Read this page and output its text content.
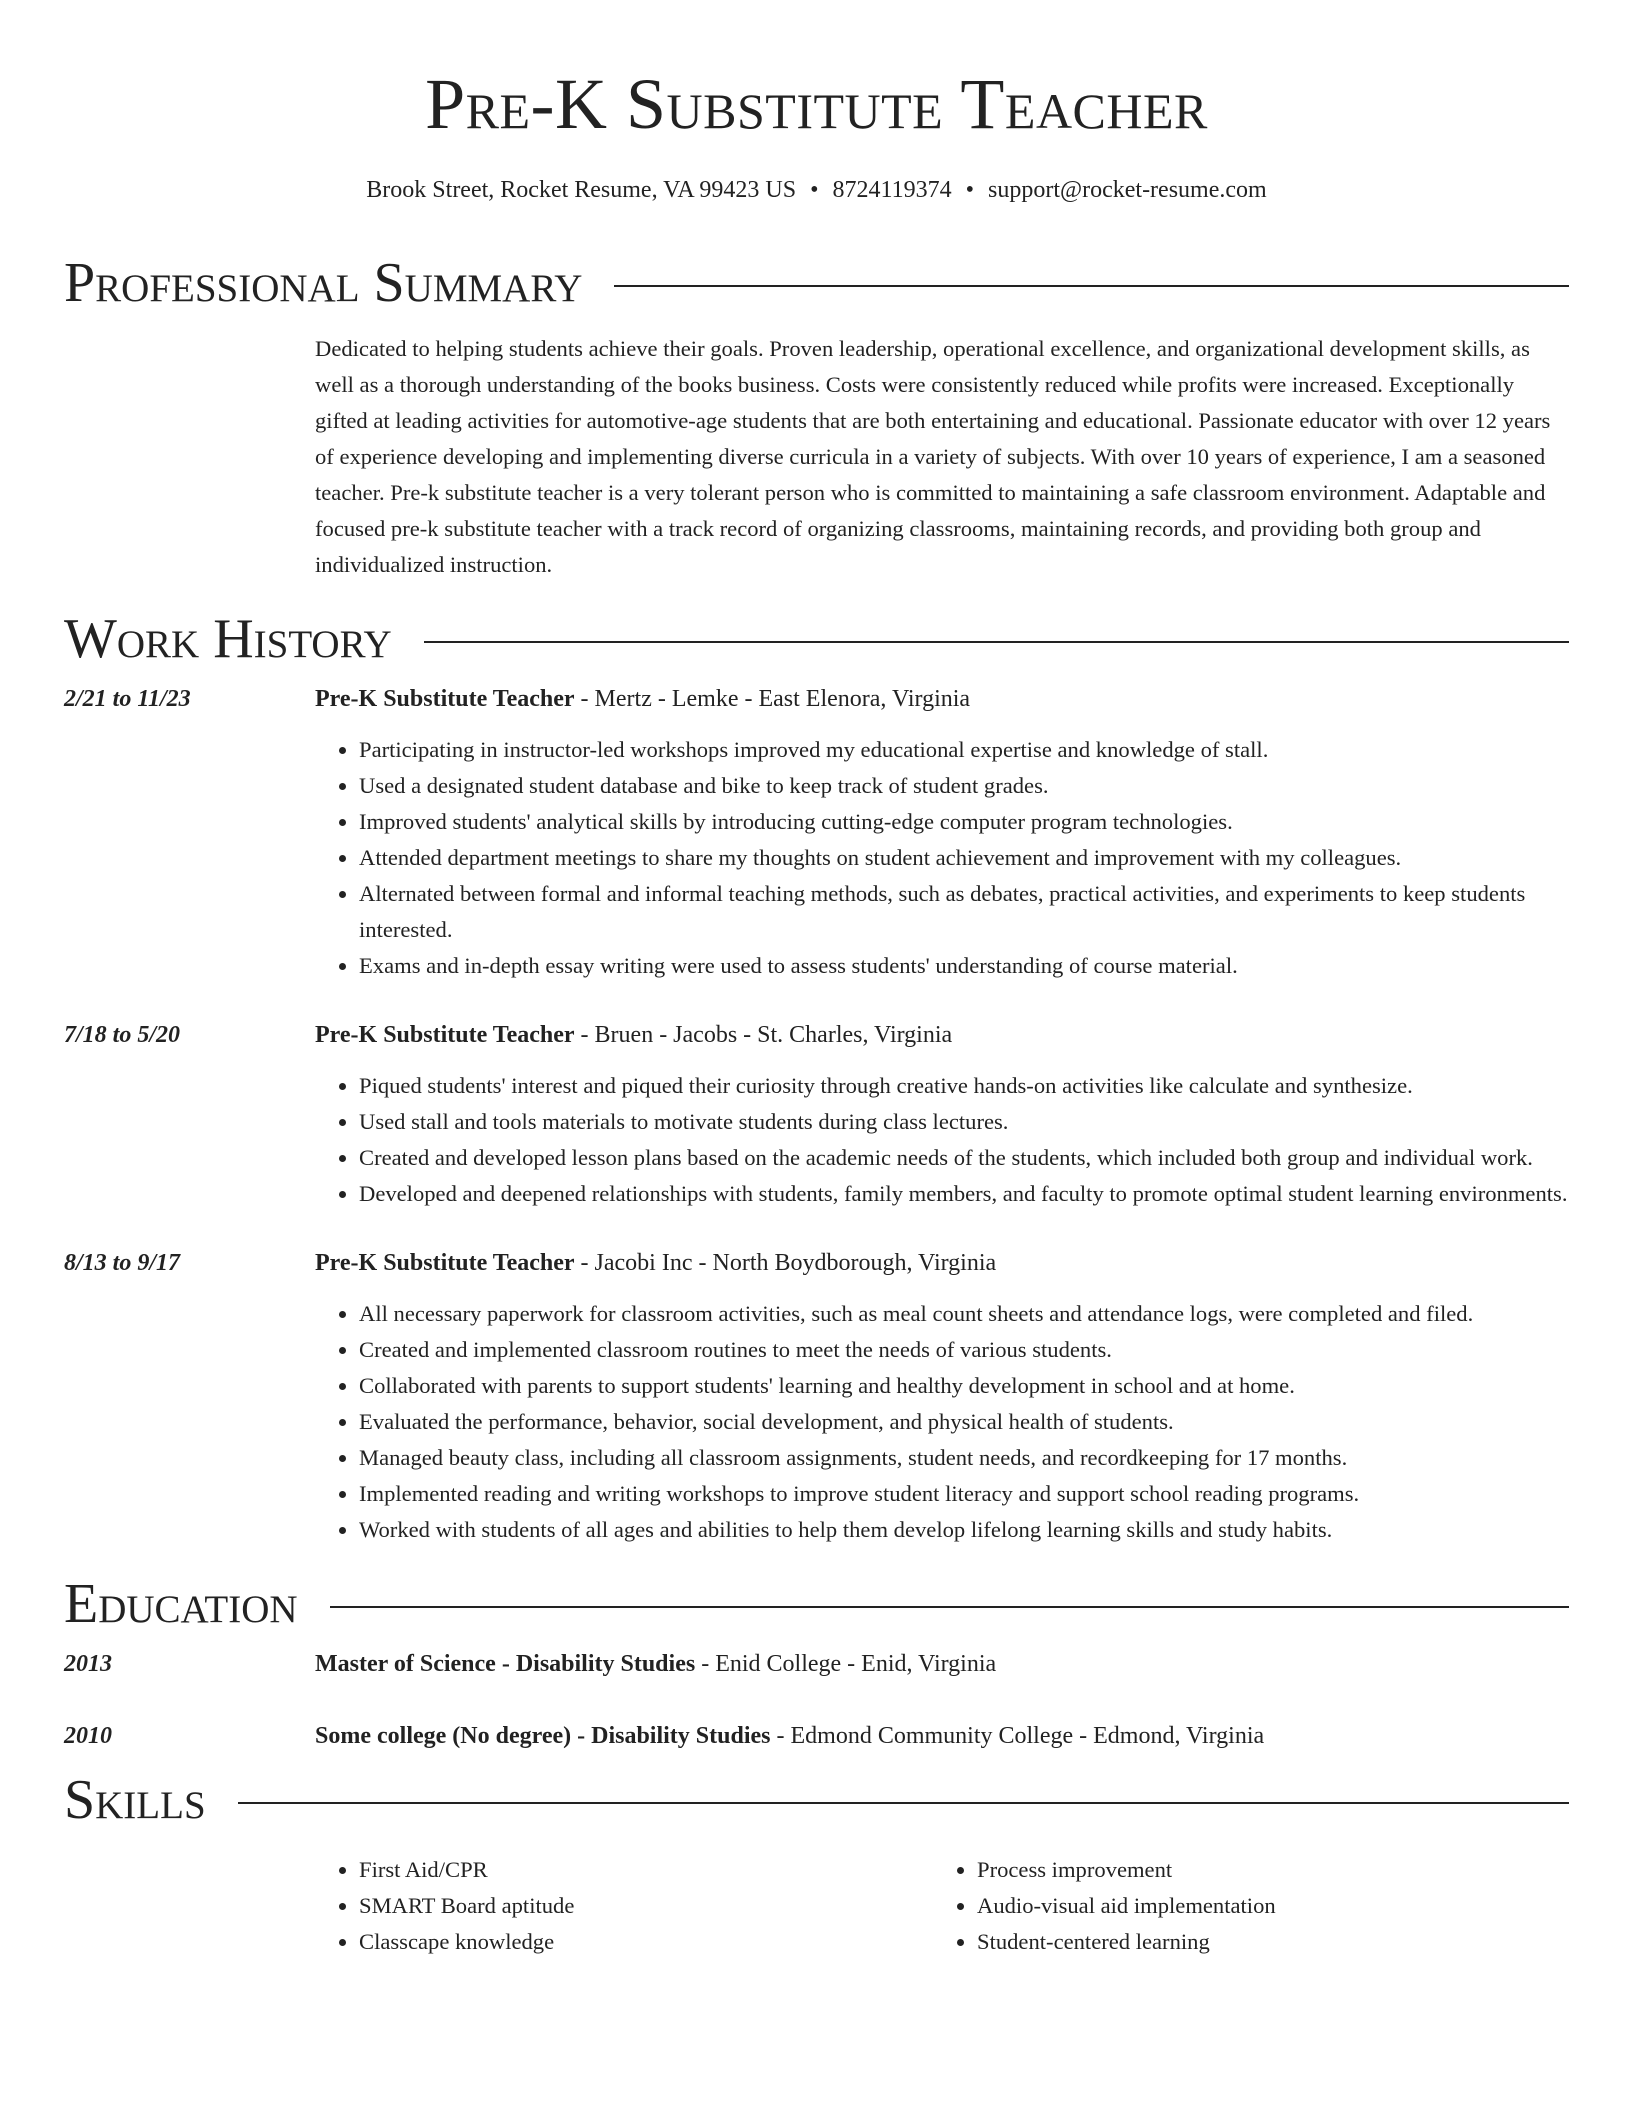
Pre-K Substitute Teacher
Brook Street, Rocket Resume, VA 99423 US • 8724119374 • support@rocket-resume.com
Professional Summary
Dedicated to helping students achieve their goals. Proven leadership, operational excellence, and organizational development skills, as well as a thorough understanding of the books business. Costs were consistently reduced while profits were increased. Exceptionally gifted at leading activities for automotive-age students that are both entertaining and educational. Passionate educator with over 12 years of experience developing and implementing diverse curricula in a variety of subjects. With over 10 years of experience, I am a seasoned teacher. Pre-k substitute teacher is a very tolerant person who is committed to maintaining a safe classroom environment. Adaptable and focused pre-k substitute teacher with a track record of organizing classrooms, maintaining records, and providing both group and individualized instruction.
Work History
2/21 to 11/23	Pre-K Substitute Teacher - Mertz - Lemke - East Elenora, Virginia
• Participating in instructor-led workshops improved my educational expertise and knowledge of stall.
• Used a designated student database and bike to keep track of student grades.
• Improved students' analytical skills by introducing cutting-edge computer program technologies.
• Attended department meetings to share my thoughts on student achievement and improvement with my colleagues.
• Alternated between formal and informal teaching methods, such as debates, practical activities, and experiments to keep students interested.
• Exams and in-depth essay writing were used to assess students' understanding of course material.
7/18 to 5/20	Pre-K Substitute Teacher - Bruen - Jacobs - St. Charles, Virginia
• Piqued students' interest and piqued their curiosity through creative hands-on activities like calculate and synthesize.
• Used stall and tools materials to motivate students during class lectures.
• Created and developed lesson plans based on the academic needs of the students, which included both group and individual work.
• Developed and deepened relationships with students, family members, and faculty to promote optimal student learning environments.
8/13 to 9/17	Pre-K Substitute Teacher - Jacobi Inc - North Boydborough, Virginia
• All necessary paperwork for classroom activities, such as meal count sheets and attendance logs, were completed and filed.
• Created and implemented classroom routines to meet the needs of various students.
• Collaborated with parents to support students' learning and healthy development in school and at home.
• Evaluated the performance, behavior, social development, and physical health of students.
• Managed beauty class, including all classroom assignments, student needs, and recordkeeping for 17 months.
• Implemented reading and writing workshops to improve student literacy and support school reading programs.
• Worked with students of all ages and abilities to help them develop lifelong learning skills and study habits.
Education
2013	Master of Science - Disability Studies - Enid College - Enid, Virginia
2010	Some college (No degree) - Disability Studies - Edmond Community College - Edmond, Virginia
Skills
• First Aid/CPR
• SMART Board aptitude
• Classcape knowledge
• Process improvement
• Audio-visual aid implementation
• Student-centered learning
